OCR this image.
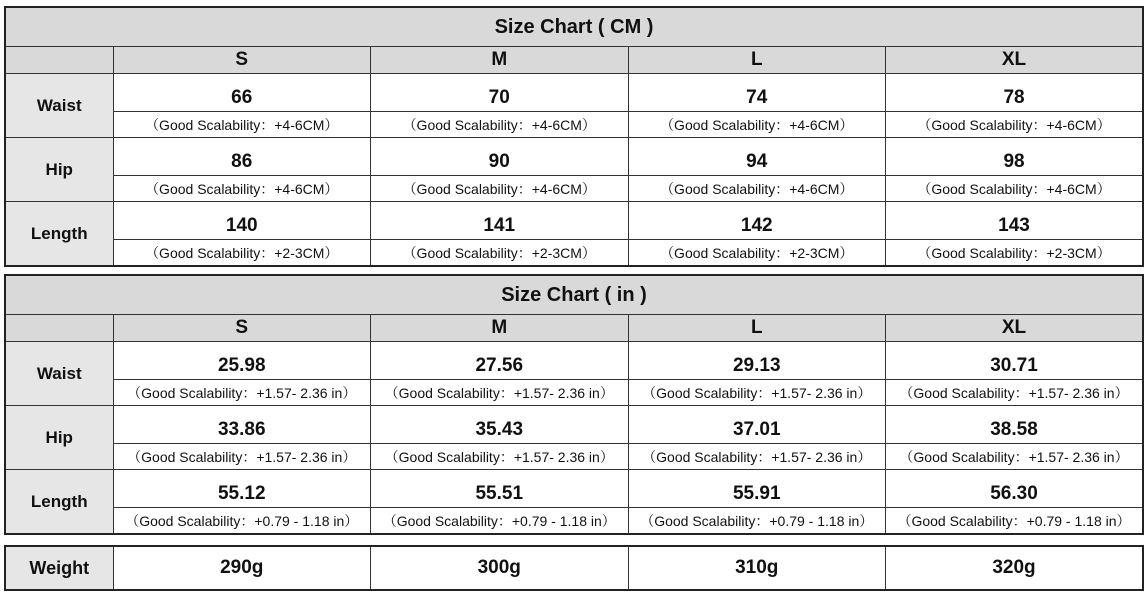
Size Chart ( CM )				
	S	M	L	XL
Waist	66	70	74	78
	（Good Scalability：+4-6CM）	（Good Scalability：+4-6CM）	（Good Scalability：+4-6CM）	（Good Scalability：+4-6CM）
Hip	86	90	94	98
	（Good Scalability：+4-6CM）	（Good Scalability：+4-6CM）	（Good Scalability：+4-6CM）	（Good Scalability：+4-6CM）
Length	140	141	142	143
	（Good Scalability：+2-3CM）	（Good Scalability：+2-3CM）	（Good Scalability：+2-3CM）	（Good Scalability：+2-3CM）
Size Chart ( in )				
	S	M	L	XL
Waist	25.98	27.56	29.13	30.71
	（Good Scalability：+1.57- 2.36 in）	（Good Scalability：+1.57- 2.36 in）	（Good Scalability：+1.57- 2.36 in）	（Good Scalability：+1.57- 2.36 in）
Hip	33.86	35.43	37.01	38.58
	（Good Scalability：+1.57- 2.36 in）	（Good Scalability：+1.57- 2.36 in）	（Good Scalability：+1.57- 2.36 in）	（Good Scalability：+1.57- 2.36 in）
Length	55.12	55.51	55.91	56.30
	（Good Scalability：+0.79 - 1.18 in）	（Good Scalability：+0.79 - 1.18 in）	（Good Scalability：+0.79 - 1.18 in）	（Good Scalability：+0.79 - 1.18 in）
Weight	290g	300g	310g	320g
